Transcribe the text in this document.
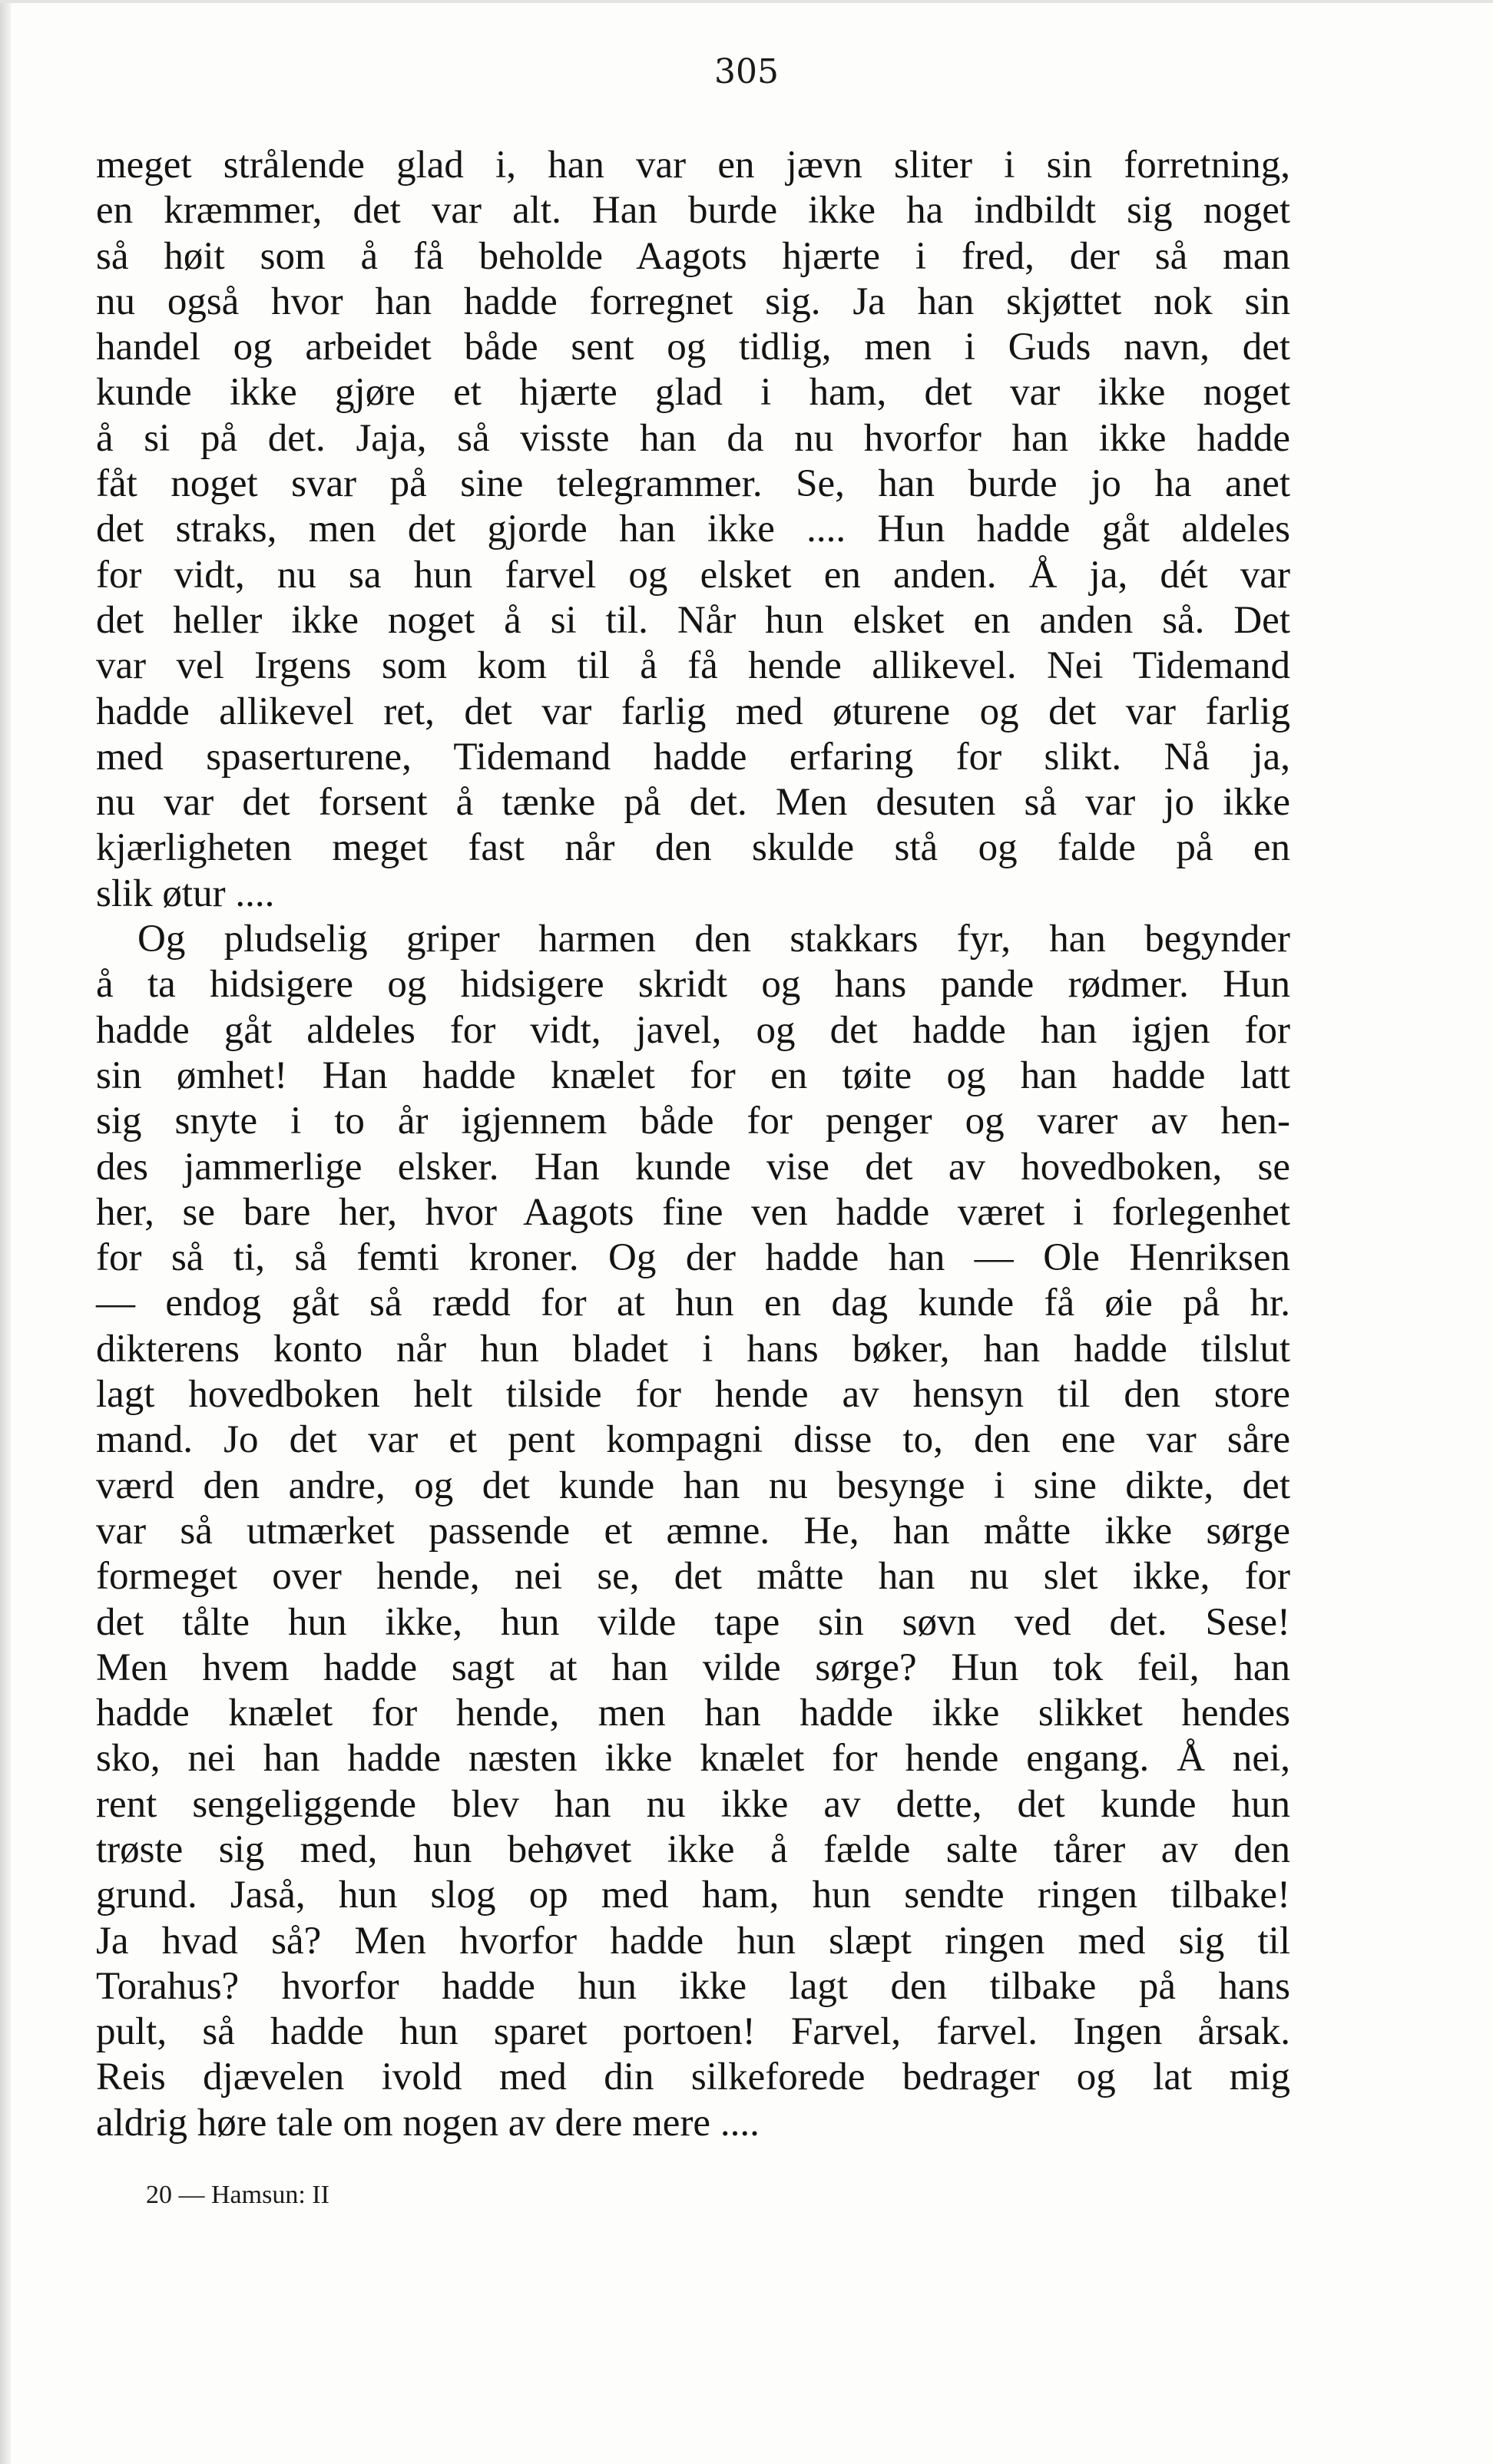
305
meget strålende glad i, han var en jævn sliter i sin forretning,
en kræmmer, det var alt. Han burde ikke ha indbildt sig noget
så høit som å få beholde Aagots hjærte i fred, der så man
nu også hvor han hadde forregnet sig. Ja han skjøttet nok sin
handel og arbeidet både sent og tidlig, men i Guds navn, det
kunde ikke gjøre et hjærte glad i ham, det var ikke noget
å si på det. Jaja, så visste han da nu hvorfor han ikke hadde
fåt noget svar på sine telegrammer. Se, han burde jo ha anet
det straks, men det gjorde han ikke .... Hun hadde gåt aldeles
for vidt, nu sa hun farvel og elsket en anden. Å ja, dét var
det heller ikke noget å si til. Når hun elsket en anden så. Det
var vel Irgens som kom til å få hende allikevel. Nei Tidemand
hadde allikevel ret, det var farlig med øturene og det var farlig
med spaserturene, Tidemand hadde erfaring for slikt. Nå ja,
nu var det forsent å tænke på det. Men desuten så var jo ikke
kjærligheten meget fast når den skulde stå og falde på en
slik øtur ....
Og pludselig griper harmen den stakkars fyr, han begynder
å ta hidsigere og hidsigere skridt og hans pande rødmer. Hun
hadde gåt aldeles for vidt, javel, og det hadde han igjen for
sin ømhet! Han hadde knælet for en tøite og han hadde latt
sig snyte i to år igjennem både for penger og varer av hen-
des jammerlige elsker. Han kunde vise det av hovedboken, se
her, se bare her, hvor Aagots fine ven hadde været i forlegenhet
for så ti, så femti kroner. Og der hadde han — Ole Henriksen
— endog gåt så rædd for at hun en dag kunde få øie på hr.
dikterens konto når hun bladet i hans bøker, han hadde tilslut
lagt hovedboken helt tilside for hende av hensyn til den store
mand. Jo det var et pent kompagni disse to, den ene var såre
værd den andre, og det kunde han nu besynge i sine dikte, det
var så utmærket passende et æmne. He, han måtte ikke sørge
formeget over hende, nei se, det måtte han nu slet ikke, for
det tålte hun ikke, hun vilde tape sin søvn ved det. Sese!
Men hvem hadde sagt at han vilde sørge? Hun tok feil, han
hadde knælet for hende, men han hadde ikke slikket hendes
sko, nei han hadde næsten ikke knælet for hende engang. Å nei,
rent sengeliggende blev han nu ikke av dette, det kunde hun
trøste sig med, hun behøvet ikke å fælde salte tårer av den
grund. Jaså, hun slog op med ham, hun sendte ringen tilbake!
Ja hvad så? Men hvorfor hadde hun slæpt ringen med sig til
Torahus? hvorfor hadde hun ikke lagt den tilbake på hans
pult, så hadde hun sparet portoen! Farvel, farvel. Ingen årsak.
Reis djævelen ivold med din silkeforede bedrager og lat mig
aldrig høre tale om nogen av dere mere ....
20 — Hamsun: II
